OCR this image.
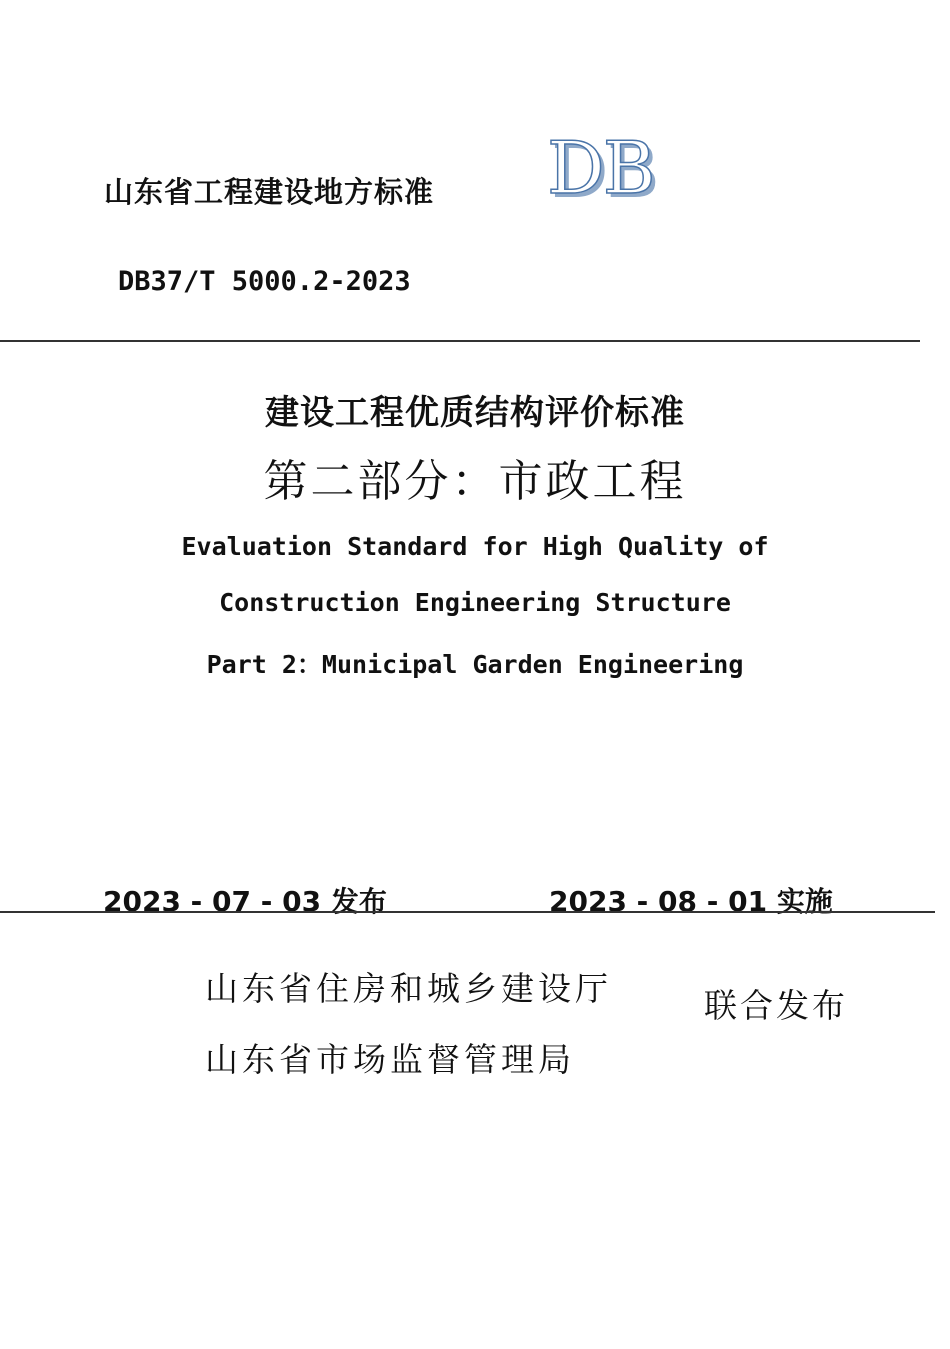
山东省工程建设地方标准 DB
DB37/T 5000.2-2023
建设工程优质结构评价标准
第二部分：市政工程
Evaluation Standard for High Quality of
Construction Engineering Structure
Part 2：Municipal Garden Engineering
2023 - 07 - 03 发布	2023 - 08 - 01 实施
山东省住房和城乡建设厅
山东省市场监督管理局
联合发布
